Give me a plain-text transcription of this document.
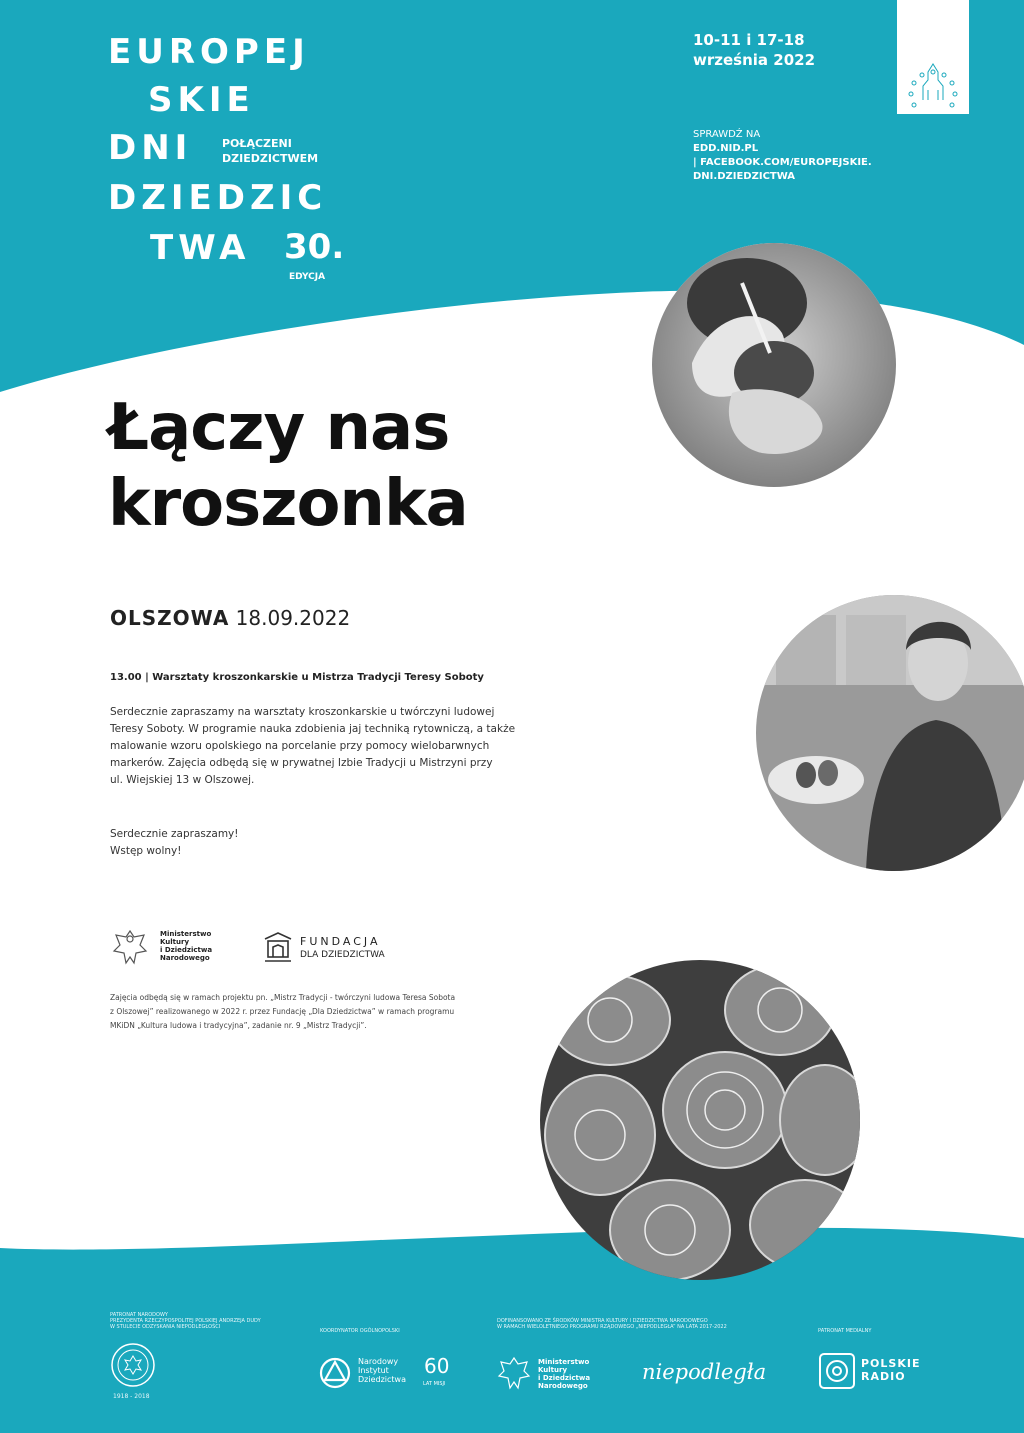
EUROPEJ
SKIE
DNI
DZIEDZIC
TWA
POŁĄCZENI
DZIEDZICTWEM
30.
EDYCJA
10-11 i 17-18
września 2022
SPRAWDŹ NA
EDD.NID.PL
| FACEBOOK.COM/EUROPEJSKIE.
DNI.DZIEDZICTWA
Łączy nas
kroszonka
OLSZOWA 18.09.2022
13.00 | Warsztaty kroszonkarskie u Mistrza Tradycji Teresy Soboty
Serdecznie zapraszamy na warsztaty kroszonkarskie u twórczyni ludowej
Teresy Soboty. W programie nauka zdobienia jaj techniką rytowniczą, a także
malowanie wzoru opolskiego na porcelanie przy pomocy wielobarwnych
markerów. Zajęcia odbędą się w prywatnej Izbie Tradycji u Mistrzyni przy
ul. Wiejskiej 13 w Olszowej.
Serdecznie zapraszamy!
Wstęp wolny!
Ministerstwo
Kultury
i Dziedzictwa
Narodowego
FUNDACJA
DLA DZIEDZICTWA
Zajęcia odbędą się w ramach projektu pn. „Mistrz Tradycji - twórczyni ludowa Teresa Sobota
z Olszowej” realizowanego w 2022 r. przez Fundację „Dla Dziedzictwa” w ramach programu
MKiDN „Kultura ludowa i tradycyjna”, zadanie nr. 9 „Mistrz Tradycji”.
PATRONAT NARODOWY
PREZYDENTA RZECZYPOSPOLITEJ POLSKIEJ ANDRZEJA DUDY
W STULECIE ODZYSKANIA NIEPODLEGŁOŚCI
1918 - 2018
KOORDYNATOR OGÓLNOPOLSKI
Narodowy
Instytut
Dziedzictwa
60
LAT MISJI
DOFINANSOWANO ZE ŚRODKÓW MINISTRA KULTURY I DZIEDZICTWA NARODOWEGO
W RAMACH WIELOLETNIEGO PROGRAMU RZĄDOWEGO „NIEPODLEGŁA” NA LATA 2017-2022
Ministerstwo
Kultury
i Dziedzictwa
Narodowego
niepodległa
PATRONAT MEDIALNY
POLSKIE
RADIO
